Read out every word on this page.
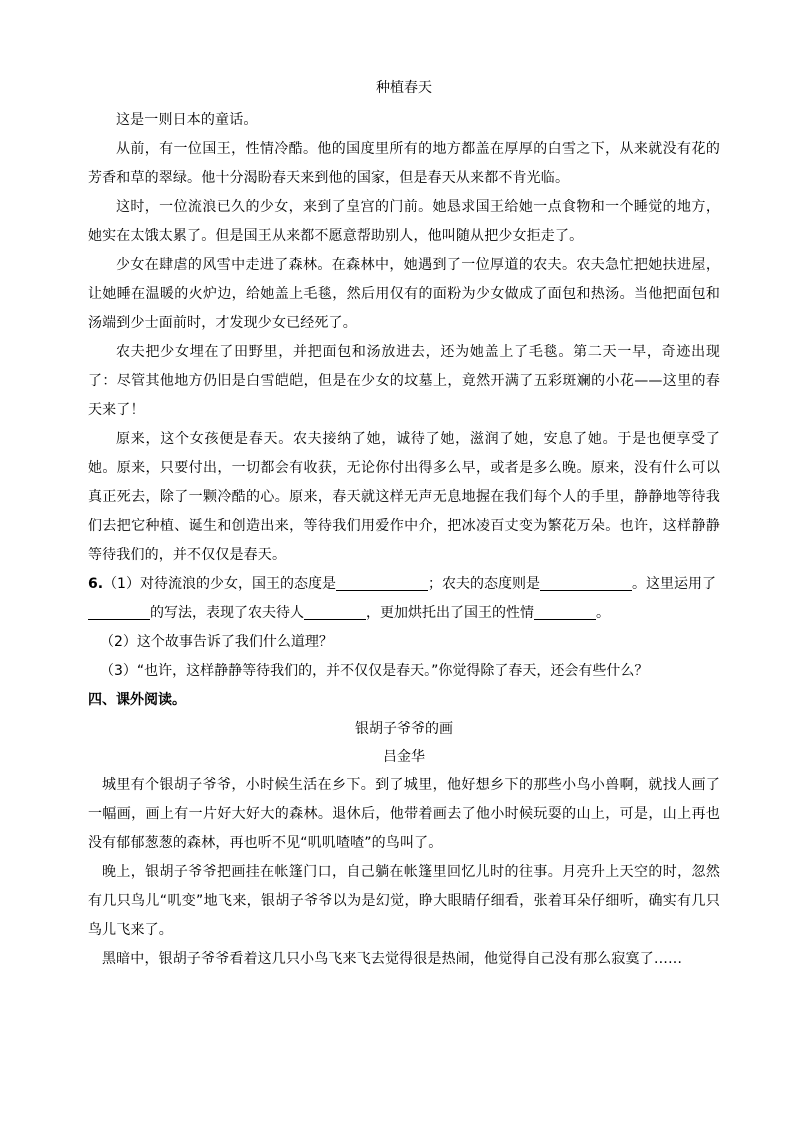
种植春天

这是一则日本的童话。

从前，有一位国王，性情冷酷。他的国度里所有的地方都盖在厚厚的白雪之下，从来就没有花的芳香和草的翠绿。他十分渴盼春天来到他的国家，但是春天从来都不肯光临。

这时，一位流浪已久的少女，来到了皇宫的门前。她恳求国王给她一点食物和一个睡觉的地方，她实在太饿太累了。但是国王从来都不愿意帮助别人，他叫随从把少女拒走了。

少女在肆虐的风雪中走进了森林。在森林中，她遇到了一位厚道的农夫。农夫急忙把她扶进屋，让她睡在温暖的火炉边，给她盖上毛毯，然后用仅有的面粉为少女做成了面包和热汤。当他把面包和汤端到少士面前时，才发现少女已经死了。

农夫把少女埋在了田野里，并把面包和汤放进去，还为她盖上了毛毯。第二天一早，奇迹出现了：尽管其他地方仍旧是白雪皑皑，但是在少女的坟墓上，竟然开满了五彩斑斓的小花——这里的春天来了！

原来，这个女孩便是春天。农夫接纳了她，诚待了她，滋润了她，安息了她。于是也便享受了她。原来，只要付出，一切都会有收获，无论你付出得多么早，或者是多么晚。原来，没有什么可以真正死去，除了一颗冷酷的心。原来，春天就这样无声无息地握在我们每个人的手里，静静地等待我们去把它种植、诞生和创造出来，等待我们用爱作中介，把冰凌百丈变为繁花万朵。也许，这样静静等待我们的，并不仅仅是春天。

6.（1）对待流浪的少女，国王的态度是	；农夫的态度则是	。这里运用了的写法，表现了农夫待人	，更加烘托出了国王的性情	。

（2）这个故事告诉了我们什么道理？

（3）“也许，这样静静等待我们的，并不仅仅是春天。”你觉得除了春天，还会有些什么？

四、课外阅读。

银胡子爷爷的画
吕金华

城里有个银胡子爷爷，小时候生活在乡下。到了城里，他好想乡下的那些小鸟小兽啊，就找人画了一幅画，画上有一片好大好大的森林。退休后，他带着画去了他小时候玩耍的山上，可是，山上再也没有郁郁葱葱的森林，再也听不见“叽叽喳喳”的鸟叫了。

晚上，银胡子爷爷把画挂在帐篷门口，自己躺在帐篷里回忆儿时的往事。月亮升上天空的时，忽然有几只鸟儿“叽变”地飞来，银胡子爷爷以为是幻觉，睁大眼睛仔细看，张着耳朵仔细听，确实有几只鸟儿飞来了。

黑暗中，银胡子爷爷看着这几只小鸟飞来飞去觉得很是热闹，他觉得自己没有那么寂寞了……
